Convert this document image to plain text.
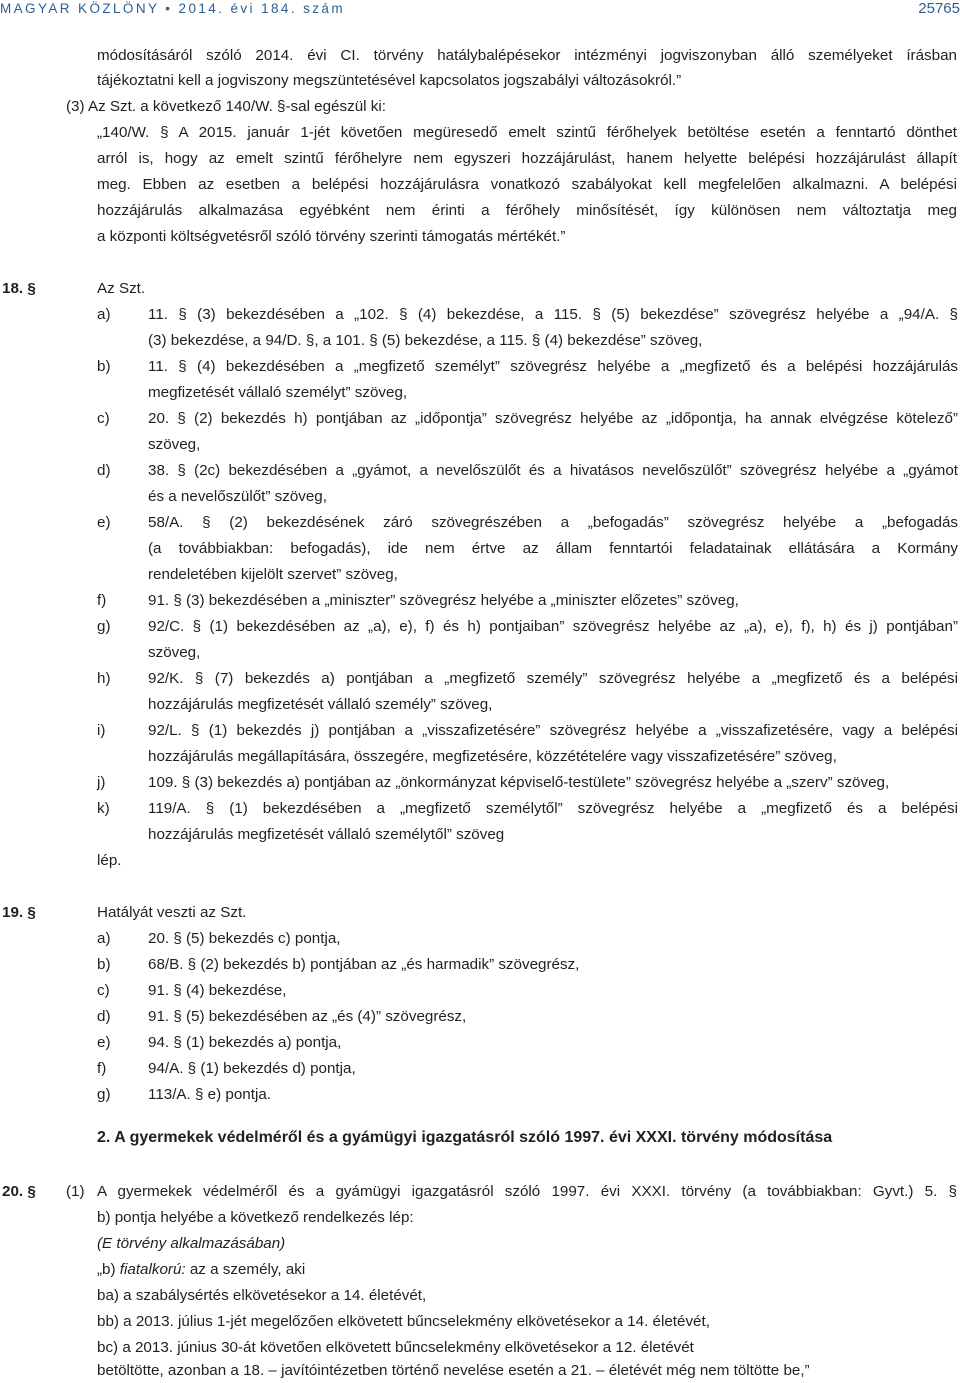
MAGYAR KÖZLÖNY • 2014. évi 184. szám	25765
módosításáról szóló 2014. évi CI. törvény hatálybalépésekor intézményi jogviszonyban álló személyeket írásban
tájékoztatni kell a jogviszony megszüntetésével kapcsolatos jogszabályi változásokról.”
(3) Az Szt. a következő 140/W. §-sal egészül ki:
„140/W. § A 2015. január 1-jét követően megüresedő emelt szintű férőhelyek betöltése esetén a fenntartó dönthet
arról is, hogy az emelt szintű férőhelyre nem egyszeri hozzájárulást, hanem helyette belépési hozzájárulást állapít
meg. Ebben az esetben a belépési hozzájárulásra vonatkozó szabályokat kell megfelelően alkalmazni. A belépési
hozzájárulás alkalmazása egyébként nem érinti a férőhely minősítését, így különösen nem változtatja meg
a központi költségvetésről szóló törvény szerinti támogatás mértékét.”
18. §	Az Szt.
a) 11. § (3) bekezdésében a „102. § (4) bekezdése, a 115. § (5) bekezdése” szövegrész helyébe a „94/A. §
(3) bekezdése, a 94/D. §, a 101. § (5) bekezdése, a 115. § (4) bekezdése” szöveg,
b) 11. § (4) bekezdésében a „megfizető személyt” szövegrész helyébe a „megfizető és a belépési hozzájárulás
megfizetését vállaló személyt” szöveg,
c)	20. § (2) bekezdés h) pontjában az „időpontja” szövegrész helyébe az „időpontja, ha annak elvégzése kötelező”
szöveg,
d) 38. § (2c) bekezdésében a „gyámot, a nevelőszülőt és a hivatásos nevelőszülőt” szövegrész helyébe a „gyámot
és a nevelőszülőt” szöveg,
e) 58/A. § (2) bekezdésének záró szövegrészében a „befogadás” szövegrész helyébe a „befogadás
(a továbbiakban: befogadás), ide nem értve az állam fenntartói feladatainak ellátására a Kormány
rendeletében kijelölt szervet” szöveg,
f)	91. § (3) bekezdésében a „miniszter” szövegrész helyébe a „miniszter előzetes” szöveg,
g) 92/C. § (1) bekezdésében az „a), e), f) és h) pontjaiban” szövegrész helyébe az „a), e), f), h) és j) pontjában”
szöveg,
h) 92/K. § (7) bekezdés a) pontjában a „megfizető személy” szövegrész helyébe a „megfizető és a belépési
hozzájárulás megfizetését vállaló személy” szöveg,
i)	92/L. § (1) bekezdés j) pontjában a „visszafizetésére” szövegrész helyébe a „visszafizetésére, vagy a belépési
hozzájárulás megállapítására, összegére, megfizetésére, közzétételére vagy visszafizetésére” szöveg,
j)	109. § (3) bekezdés a) pontjában az „önkormányzat képviselő-testülete” szövegrész helyébe a „szerv” szöveg,
k)	119/A. § (1) bekezdésében a „megfizető személytől” szövegrész helyébe a „megfizető és a belépési
hozzájárulás megfizetését vállaló személytől” szöveg
lép.
19. §	Hatályát veszti az Szt.
a) 20. § (5) bekezdés c) pontja,
b) 68/B. § (2) bekezdés b) pontjában az „és harmadik” szövegrész,
c)	91. § (4) bekezdése,
d) 91. § (5) bekezdésében az „és (4)” szövegrész,
e) 94. § (1) bekezdés a) pontja,
f)	94/A. § (1) bekezdés d) pontja,
g) 113/A. § e) pontja.
2. A gyermekek védelméről és a gyámügyi igazgatásról szóló 1997. évi XXXI. törvény módosítása
20. § (1) A gyermekek védelméről és a gyámügyi igazgatásról szóló 1997. évi XXXI. törvény (a továbbiakban: Gyvt.) 5. §
b) pontja helyébe a következő rendelkezés lép:
(E törvény alkalmazásában)
„b) fiatalkorú: az a személy, aki
ba) a szabálysértés elkövetésekor a 14. életévét,
bb) a 2013. július 1-jét megelőzően elkövetett bűncselekmény elkövetésekor a 14. életévét,
bc) a 2013. június 30-át követően elkövetett bűncselekmény elkövetésekor a 12. életévét
betöltötte, azonban a 18. – javítóintézetben történő nevelése esetén a 21. – életévét még nem töltötte be,”
